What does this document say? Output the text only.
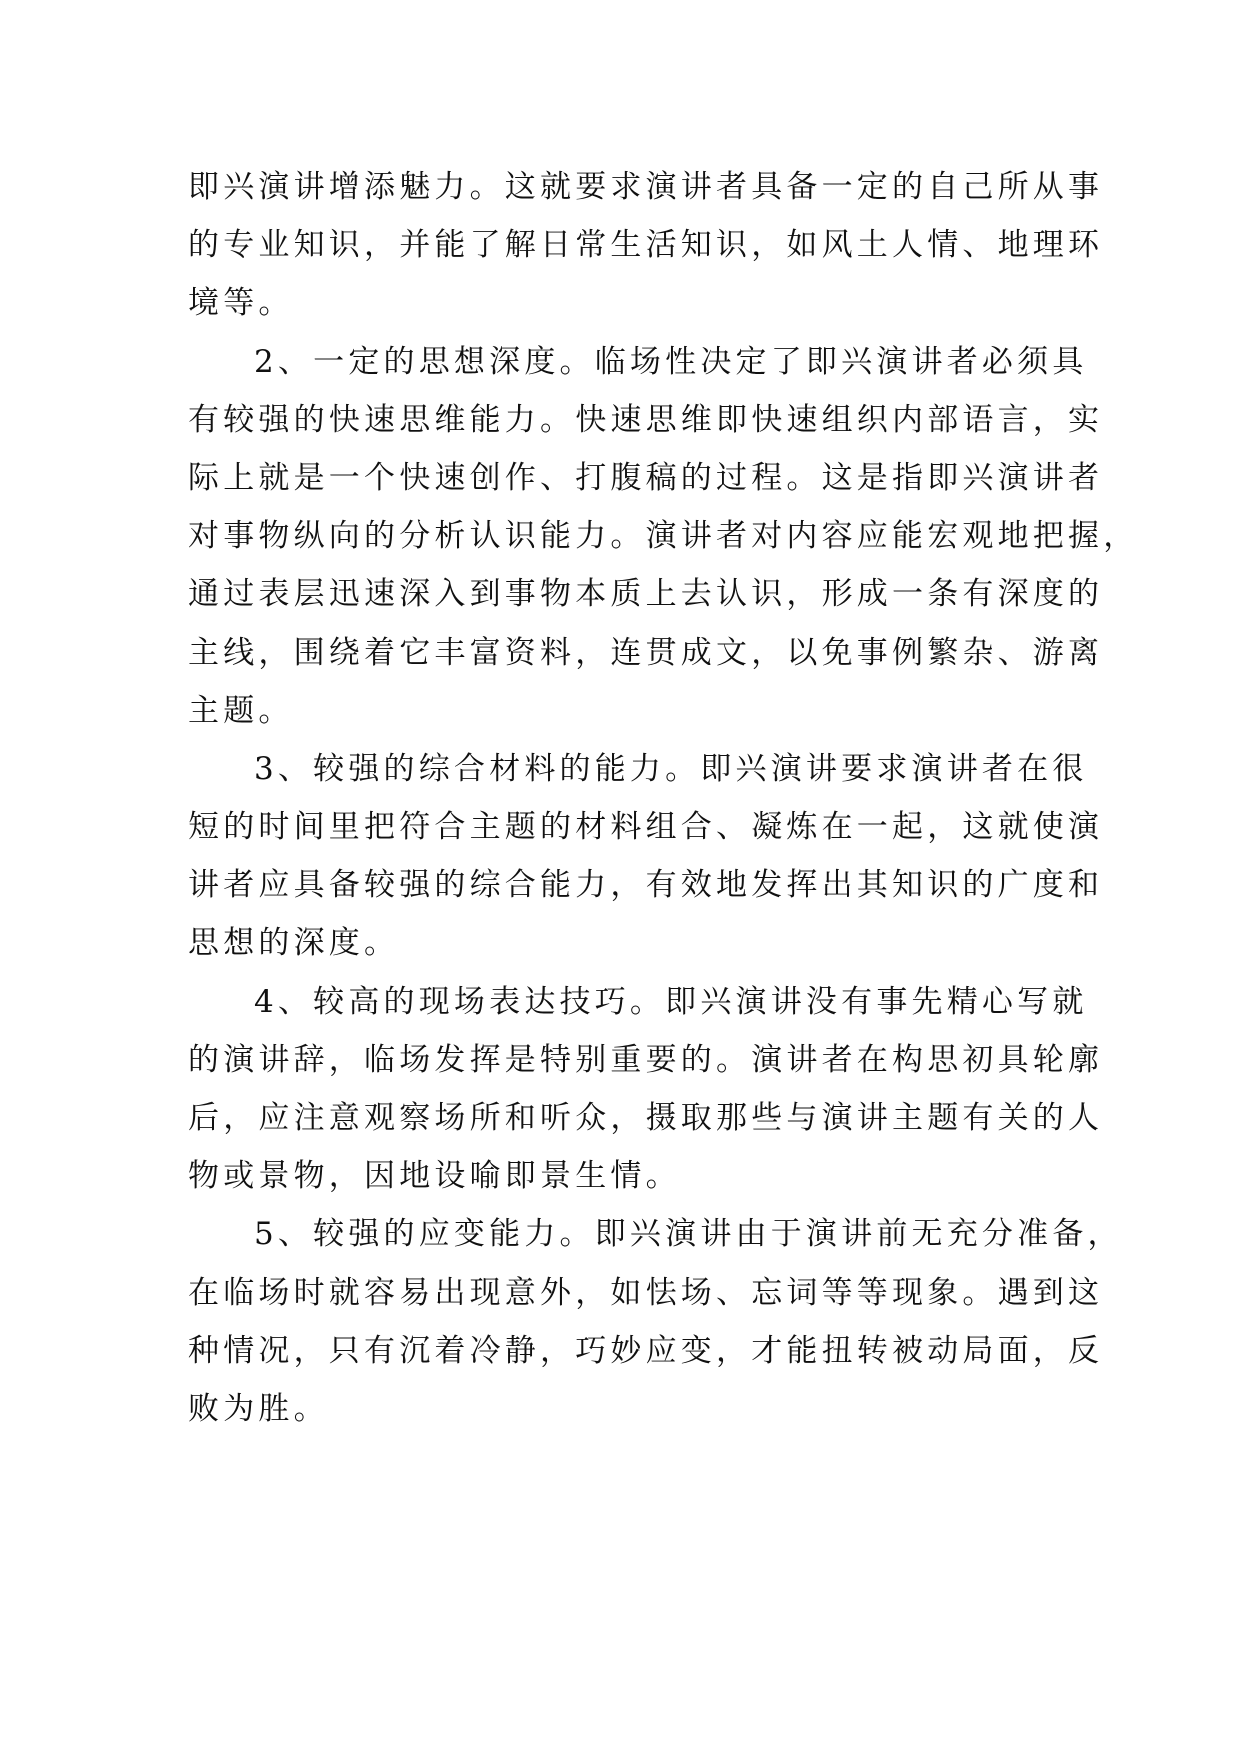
即兴演讲增添魅力。这就要求演讲者具备一定的自己所从事
的专业知识，并能了解日常生活知识，如风土人情、地理环
境等。
2、一定的思想深度。临场性决定了即兴演讲者必须具
有较强的快速思维能力。快速思维即快速组织内部语言，实
际上就是一个快速创作、打腹稿的过程。这是指即兴演讲者
对事物纵向的分析认识能力。演讲者对内容应能宏观地把握，
通过表层迅速深入到事物本质上去认识，形成一条有深度的
主线，围绕着它丰富资料，连贯成文，以免事例繁杂、游离
主题。
3、较强的综合材料的能力。即兴演讲要求演讲者在很
短的时间里把符合主题的材料组合、凝炼在一起，这就使演
讲者应具备较强的综合能力，有效地发挥出其知识的广度和
思想的深度。
4、较高的现场表达技巧。即兴演讲没有事先精心写就
的演讲辞，临场发挥是特别重要的。演讲者在构思初具轮廓
后，应注意观察场所和听众，摄取那些与演讲主题有关的人
物或景物，因地设喻即景生情。
5、较强的应变能力。即兴演讲由于演讲前无充分准备，
在临场时就容易出现意外，如怯场、忘词等等现象。遇到这
种情况，只有沉着冷静，巧妙应变，才能扭转被动局面，反
败为胜。
